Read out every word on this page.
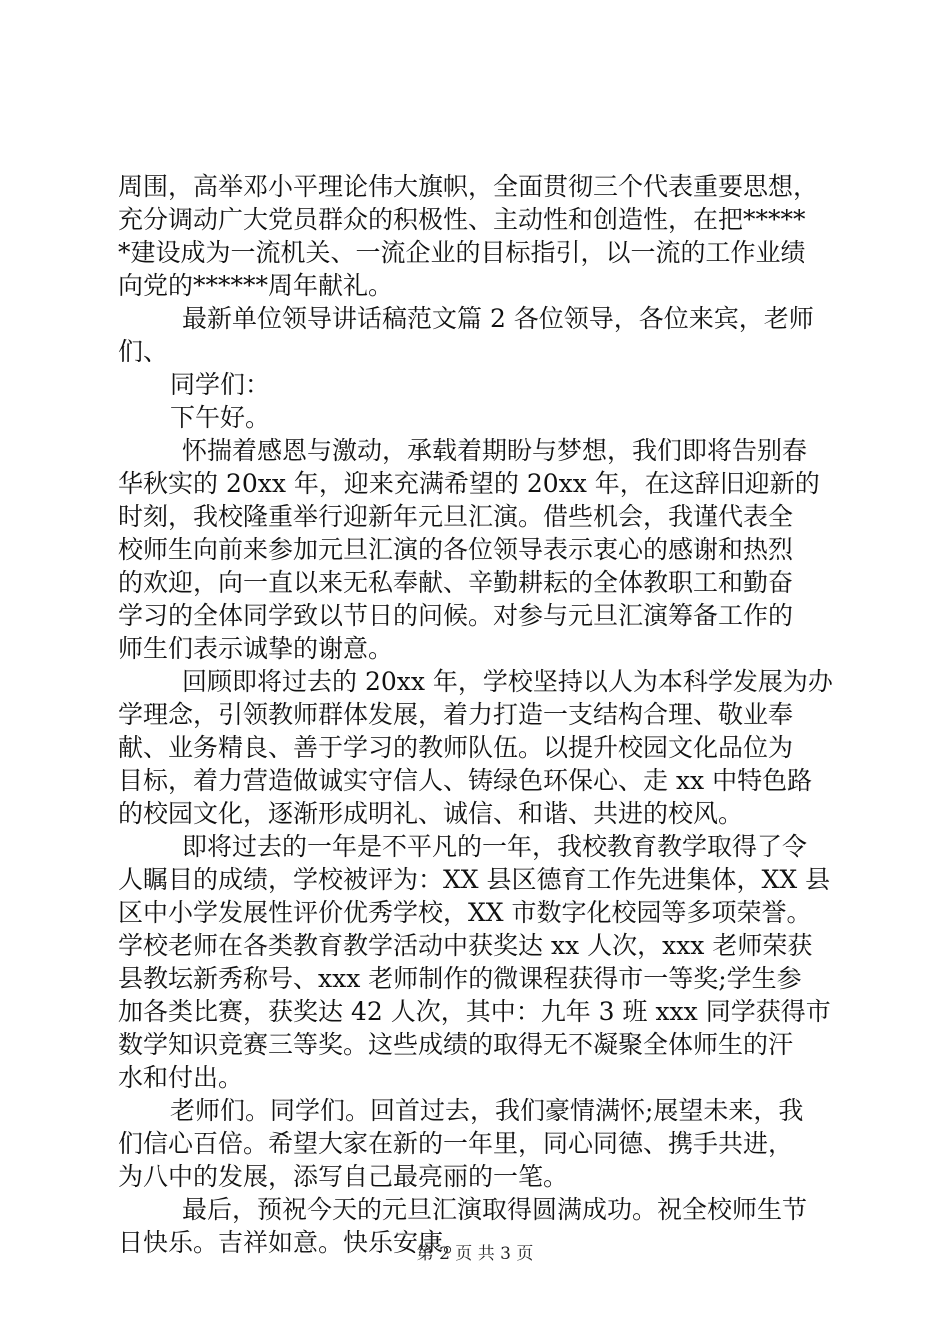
周围，高举邓小平理论伟大旗帜，全面贯彻三个代表重要思想，
充分调动广大党员群众的积极性、主动性和创造性，在把*****
*建设成为一流机关、一流企业的目标指引，以一流的工作业绩
向党的******周年献礼。
最新单位领导讲话稿范文篇 2 各位领导，各位来宾，老师
们、
同学们：
下午好。
怀揣着感恩与激动，承载着期盼与梦想，我们即将告别春
华秋实的 20xx 年，迎来充满希望的 20xx 年，在这辞旧迎新的
时刻，我校隆重举行迎新年元旦汇演。借些机会，我谨代表全
校师生向前来参加元旦汇演的各位领导表示衷心的感谢和热烈
的欢迎，向一直以来无私奉献、辛勤耕耘的全体教职工和勤奋
学习的全体同学致以节日的问候。对参与元旦汇演筹备工作的
师生们表示诚挚的谢意。
回顾即将过去的 20xx 年，学校坚持以人为本科学发展为办
学理念，引领教师群体发展，着力打造一支结构合理、敬业奉
献、业务精良、善于学习的教师队伍。以提升校园文化品位为
目标，着力营造做诚实守信人、铸绿色环保心、走 xx 中特色路
的校园文化，逐渐形成明礼、诚信、和谐、共进的校风。
即将过去的一年是不平凡的一年，我校教育教学取得了令
人瞩目的成绩，学校被评为：XX 县区德育工作先进集体，XX 县
区中小学发展性评价优秀学校，XX 市数字化校园等多项荣誉。
学校老师在各类教育教学活动中获奖达 xx 人次，xxx 老师荣获
县教坛新秀称号、xxx 老师制作的微课程获得市一等奖;学生参
加各类比赛，获奖达 42 人次，其中：九年 3 班 xxx 同学获得市
数学知识竞赛三等奖。这些成绩的取得无不凝聚全体师生的汗
水和付出。
老师们。同学们。回首过去，我们豪情满怀;展望未来，我
们信心百倍。希望大家在新的一年里，同心同德、携手共进，
为八中的发展，添写自己最亮丽的一笔。
最后，预祝今天的元旦汇演取得圆满成功。祝全校师生节
日快乐。吉祥如意。快乐安康。
第 2 页 共 3 页
